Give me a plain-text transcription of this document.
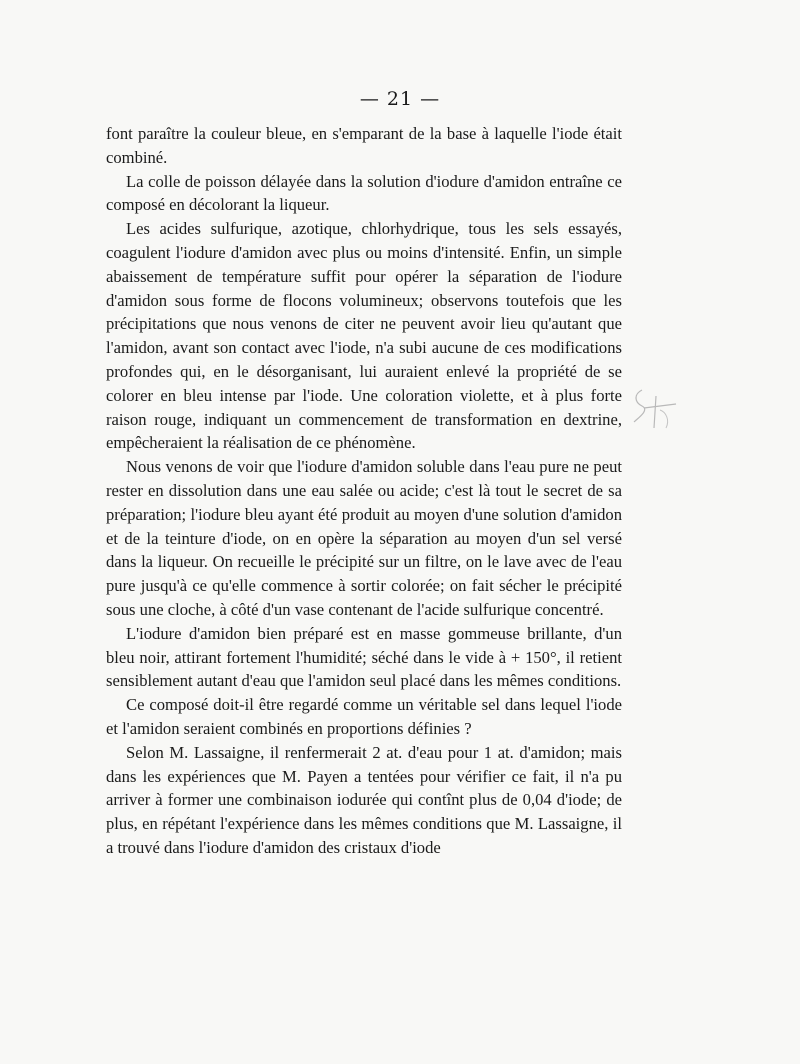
— 21 —

font paraître la couleur bleue, en s'emparant de la base à laquelle l'iode était combiné.

La colle de poisson délayée dans la solution d'iodure d'amidon entraîne ce composé en décolorant la liqueur.

Les acides sulfurique, azotique, chlorhydrique, tous les sels essayés, coagulent l'iodure d'amidon avec plus ou moins d'intensité. Enfin, un simple abaissement de température suffit pour opérer la séparation de l'iodure d'amidon sous forme de flocons volumineux; observons toutefois que les précipitations que nous venons de citer ne peuvent avoir lieu qu'autant que l'amidon, avant son contact avec l'iode, n'a subi aucune de ces modifications profondes qui, en le désorganisant, lui auraient enlevé la propriété de se colorer en bleu intense par l'iode. Une coloration violette, et à plus forte raison rouge, indiquant un commencement de transformation en dextrine, empêcheraient la réalisation de ce phénomène.

Nous venons de voir que l'iodure d'amidon soluble dans l'eau pure ne peut rester en dissolution dans une eau salée ou acide; c'est là tout le secret de sa préparation; l'iodure bleu ayant été produit au moyen d'une solution d'amidon et de la teinture d'iode, on en opère la séparation au moyen d'un sel versé dans la liqueur. On recueille le précipité sur un filtre, on le lave avec de l'eau pure jusqu'à ce qu'elle commence à sortir colorée; on fait sécher le précipité sous une cloche, à côté d'un vase contenant de l'acide sulfurique concentré.

L'iodure d'amidon bien préparé est en masse gommeuse brillante, d'un bleu noir, attirant fortement l'humidité; séché dans le vide à + 150°, il retient sensiblement autant d'eau que l'amidon seul placé dans les mêmes conditions.

Ce composé doit-il être regardé comme un véritable sel dans lequel l'iode et l'amidon seraient combinés en proportions définies ?

Selon M. Lassaigne, il renfermerait 2 at. d'eau pour 1 at. d'amidon; mais dans les expériences que M. Payen a tentées pour vérifier ce fait, il n'a pu arriver à former une combinaison iodurée qui contînt plus de 0,04 d'iode; de plus, en répétant l'expérience dans les mêmes conditions que M. Lassaigne, il a trouvé dans l'iodure d'amidon des cristaux d'iode
